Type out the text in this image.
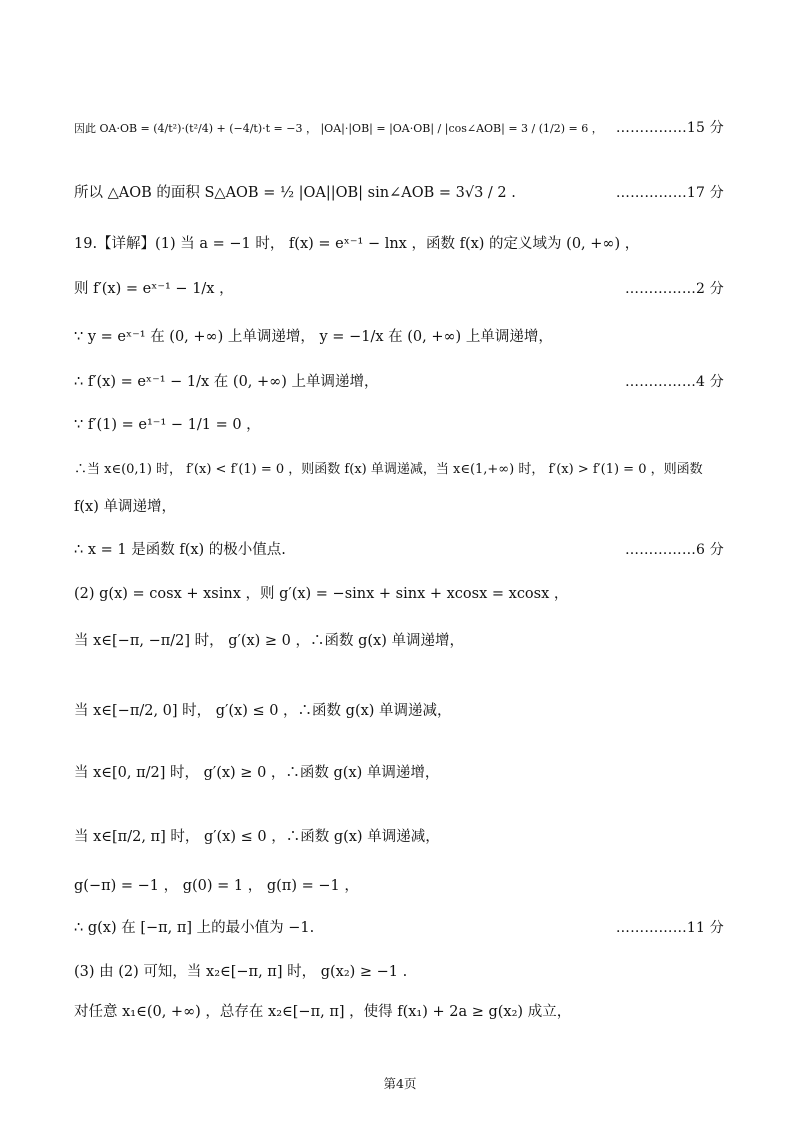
因此 OA·OB = (4/t²)·(t²/4) + (−4/t)·t = −3 ， |OA|·|OB| = |OA·OB| / |cos∠AOB| = 3 / (1/2) = 6 ， ……………15 分
所以 △AOB 的面积 S△AOB = ½ |OA||OB| sin∠AOB = 3√3 / 2 .	……………17 分
19.【详解】(1) 当 a = −1 时， f(x) = eˣ⁻¹ − lnx ，函数 f(x) 的定义域为 (0, +∞) ，
则 f′(x) = eˣ⁻¹ − 1/x ，	……………2 分
∵ y = eˣ⁻¹ 在 (0, +∞) 上单调递增， y = −1/x 在 (0, +∞) 上单调递增，
∴ f′(x) = eˣ⁻¹ − 1/x 在 (0, +∞) 上单调递增，	……………4 分
∵ f′(1) = e¹⁻¹ − 1/1 = 0 ，
∴当 x∈(0,1) 时， f′(x) < f′(1) = 0 ，则函数 f(x) 单调递减，当 x∈(1,+∞) 时， f′(x) > f′(1) = 0 ，则函数
f(x) 单调递增，
∴ x = 1 是函数 f(x) 的极小值点.	……………6 分
(2) g(x) = cosx + xsinx ，则 g′(x) = −sinx + sinx + xcosx = xcosx ，
当 x∈[−π, −π/2] 时， g′(x) ≥ 0 ，∴函数 g(x) 单调递增，
当 x∈[−π/2, 0] 时， g′(x) ≤ 0 ，∴函数 g(x) 单调递减，
当 x∈[0, π/2] 时， g′(x) ≥ 0 ，∴函数 g(x) 单调递增，
当 x∈[π/2, π] 时， g′(x) ≤ 0 ，∴函数 g(x) 单调递减，
g(−π) = −1 ， g(0) = 1 ， g(π) = −1 ，
∴ g(x) 在 [−π, π] 上的最小值为 −1.	……………11 分
(3) 由 (2) 可知，当 x₂∈[−π, π] 时， g(x₂) ≥ −1 .
对任意 x₁∈(0, +∞) ，总存在 x₂∈[−π, π] ，使得 f(x₁) + 2a ≥ g(x₂) 成立，
第4页
